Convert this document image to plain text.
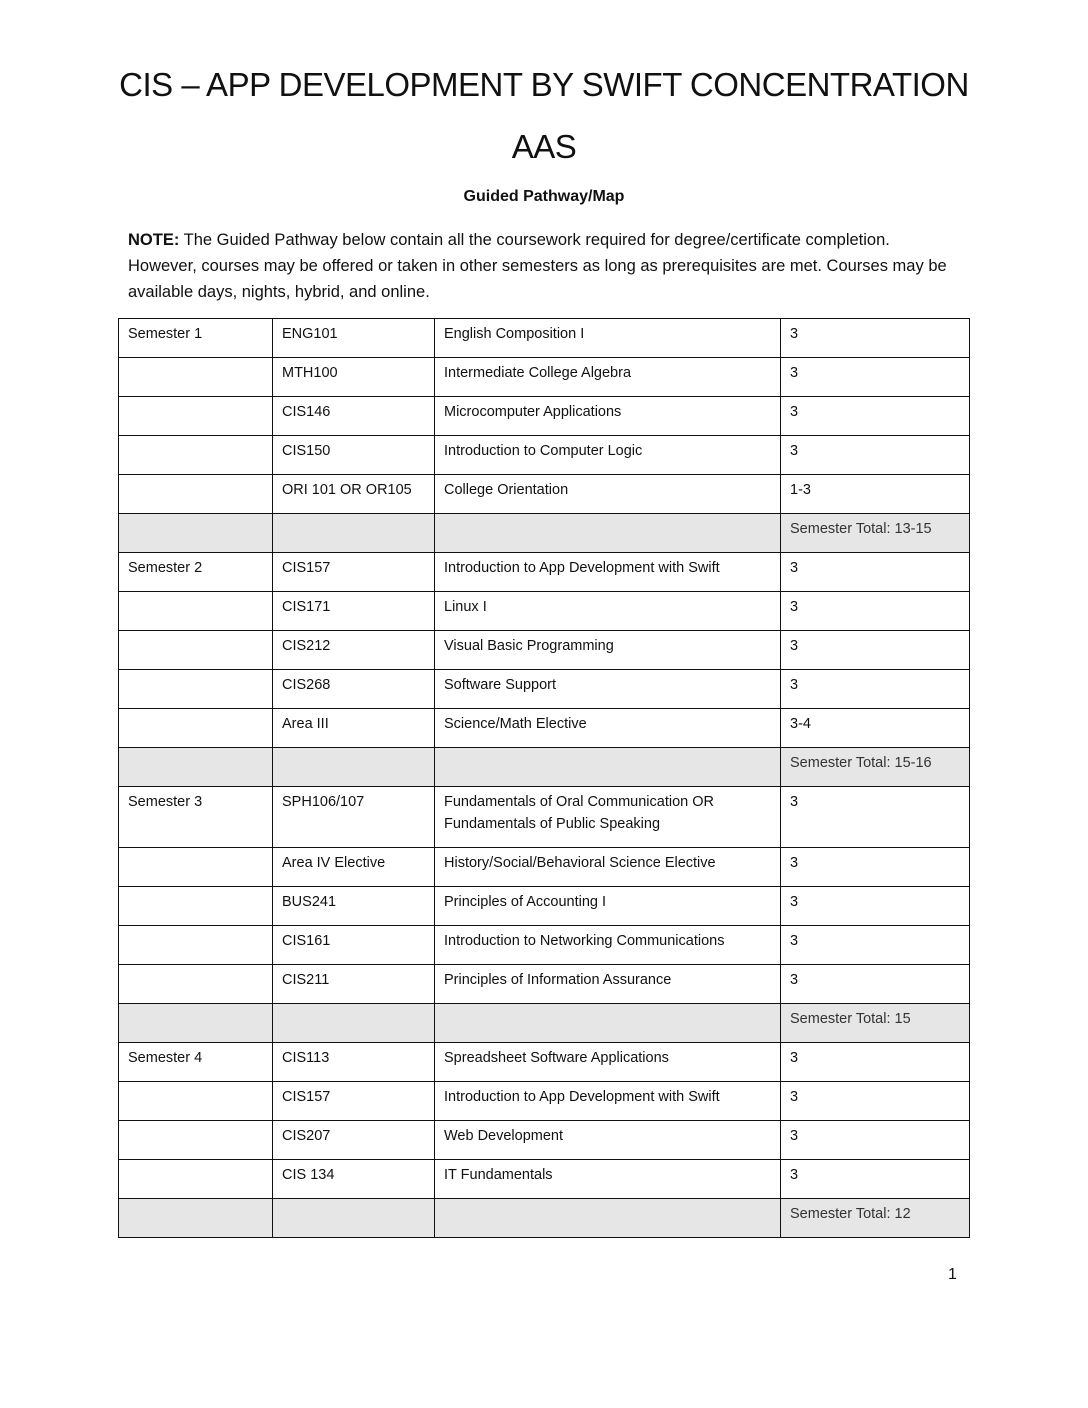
CIS – APP DEVELOPMENT BY SWIFT CONCENTRATION
AAS
Guided Pathway/Map
NOTE: The Guided Pathway below contain all the coursework required for degree/certificate completion. However, courses may be offered or taken in other semesters as long as prerequisites are met. Courses may be available days, nights, hybrid, and online.
Semester 1	ENG101	English Composition I	3
	MTH100	Intermediate College Algebra	3
	CIS146	Microcomputer Applications	3
	CIS150	Introduction to Computer Logic	3
	ORI 101 OR OR105	College Orientation	1-3
			Semester Total: 13-15
Semester 2	CIS157	Introduction to App Development with Swift	3
	CIS171	Linux I	3
	CIS212	Visual Basic Programming	3
	CIS268	Software Support	3
	Area III	Science/Math Elective	3-4
			Semester Total: 15-16
Semester 3	SPH106/107	Fundamentals of Oral Communication OR Fundamentals of Public Speaking	3
	Area IV Elective	History/Social/Behavioral Science Elective	3
	BUS241	Principles of Accounting I	3
	CIS161	Introduction to Networking Communications	3
	CIS211	Principles of Information Assurance	3
			Semester Total: 15
Semester 4	CIS113	Spreadsheet Software Applications	3
	CIS157	Introduction to App Development with Swift	3
	CIS207	Web Development	3
	CIS 134	IT Fundamentals	3
			Semester Total: 12
1
